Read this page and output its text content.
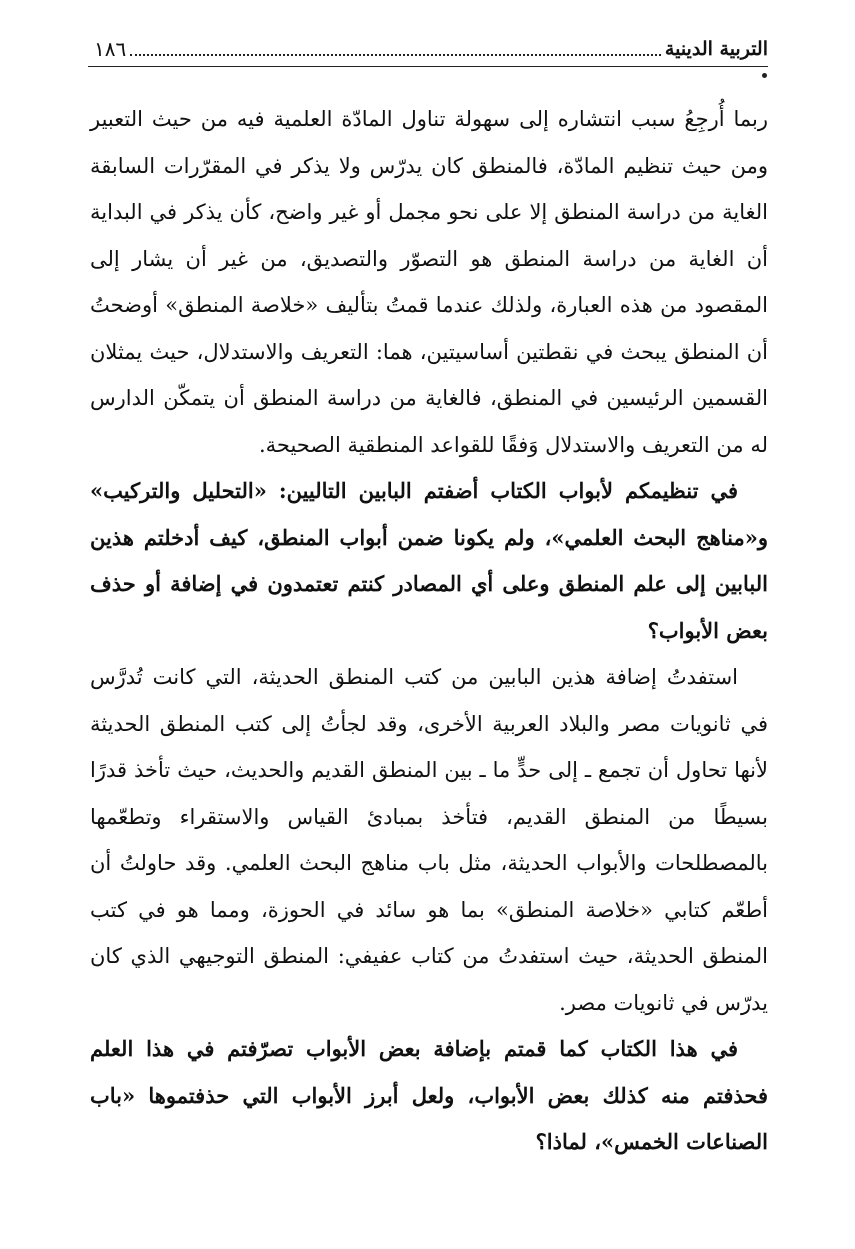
التربية الدينية
١٨٦

ربما أُرجِعُ سبب انتشاره إلى سهولة تناول المادّة العلمية فيه من حيث التعبير ومن حيث تنظيم المادّة، فالمنطق كان يدرّس ولا يذكر في المقرّرات السابقة الغاية من دراسة المنطق إلا على نحو مجمل أو غير واضح، كأن يذكر في البداية أن الغاية من دراسة المنطق هو التصوّر والتصديق، من غير أن يشار إلى المقصود من هذه العبارة، ولذلك عندما قمتُ بتأليف «خلاصة المنطق» أوضحتُ أن المنطق يبحث في نقطتين أساسيتين، هما: التعريف والاستدلال، حيث يمثلان القسمين الرئيسين في المنطق، فالغاية من دراسة المنطق أن يتمكّن الدارس له من التعريف والاستدلال وَفقًا للقواعد المنطقية الصحيحة.

في تنظيمكم لأبواب الكتاب أضفتم البابين التاليين: «التحليل والتركيب» و«مناهج البحث العلمي»، ولم يكونا ضمن أبواب المنطق، كيف أدخلتم هذين البابين إلى علم المنطق وعلى أي المصادر كنتم تعتمدون في إضافة أو حذف بعض الأبواب؟

استفدتُ إضافة هذين البابين من كتب المنطق الحديثة، التي كانت تُدرَّس في ثانويات مصر والبلاد العربية الأخرى، وقد لجأتُ إلى كتب المنطق الحديثة لأنها تحاول أن تجمع ـ إلى حدٍّ ما ـ بين المنطق القديم والحديث، حيث تأخذ قدرًا بسيطًا من المنطق القديم، فتأخذ بمبادئ القياس والاستقراء وتطعّمها بالمصطلحات والأبواب الحديثة، مثل باب مناهج البحث العلمي. وقد حاولتُ أن أطعّم كتابي «خلاصة المنطق» بما هو سائد في الحوزة، ومما هو في كتب المنطق الحديثة، حيث استفدتُ من كتاب عفيفي: المنطق التوجيهي الذي كان يدرّس في ثانويات مصر.

في هذا الكتاب كما قمتم بإضافة بعض الأبواب تصرّفتم في هذا العلم فحذفتم منه كذلك بعض الأبواب، ولعل أبرز الأبواب التي حذفتموها «باب الصناعات الخمس»، لماذا؟
